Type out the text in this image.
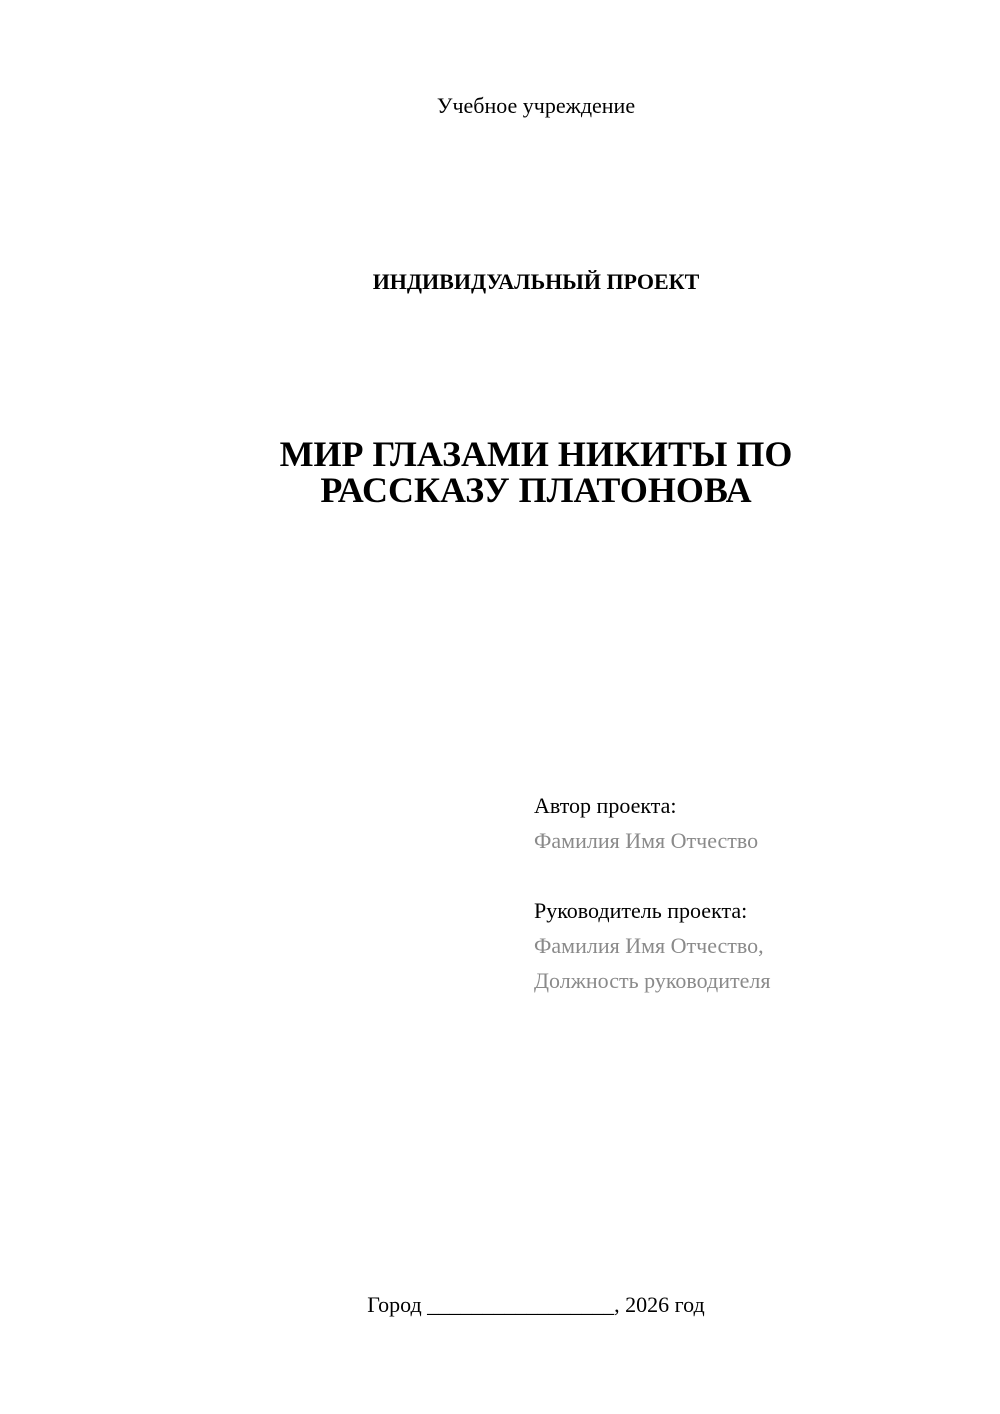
Учебное учреждение
ИНДИВИДУАЛЬНЫЙ ПРОЕКТ
МИР ГЛАЗАМИ НИКИТЫ ПО
РАССКАЗУ ПЛАТОНОВА
Автор проекта:
Фамилия Имя Отчество
Руководитель проекта:
Фамилия Имя Отчество,
Должность руководителя
Город _________________, 2026 год
